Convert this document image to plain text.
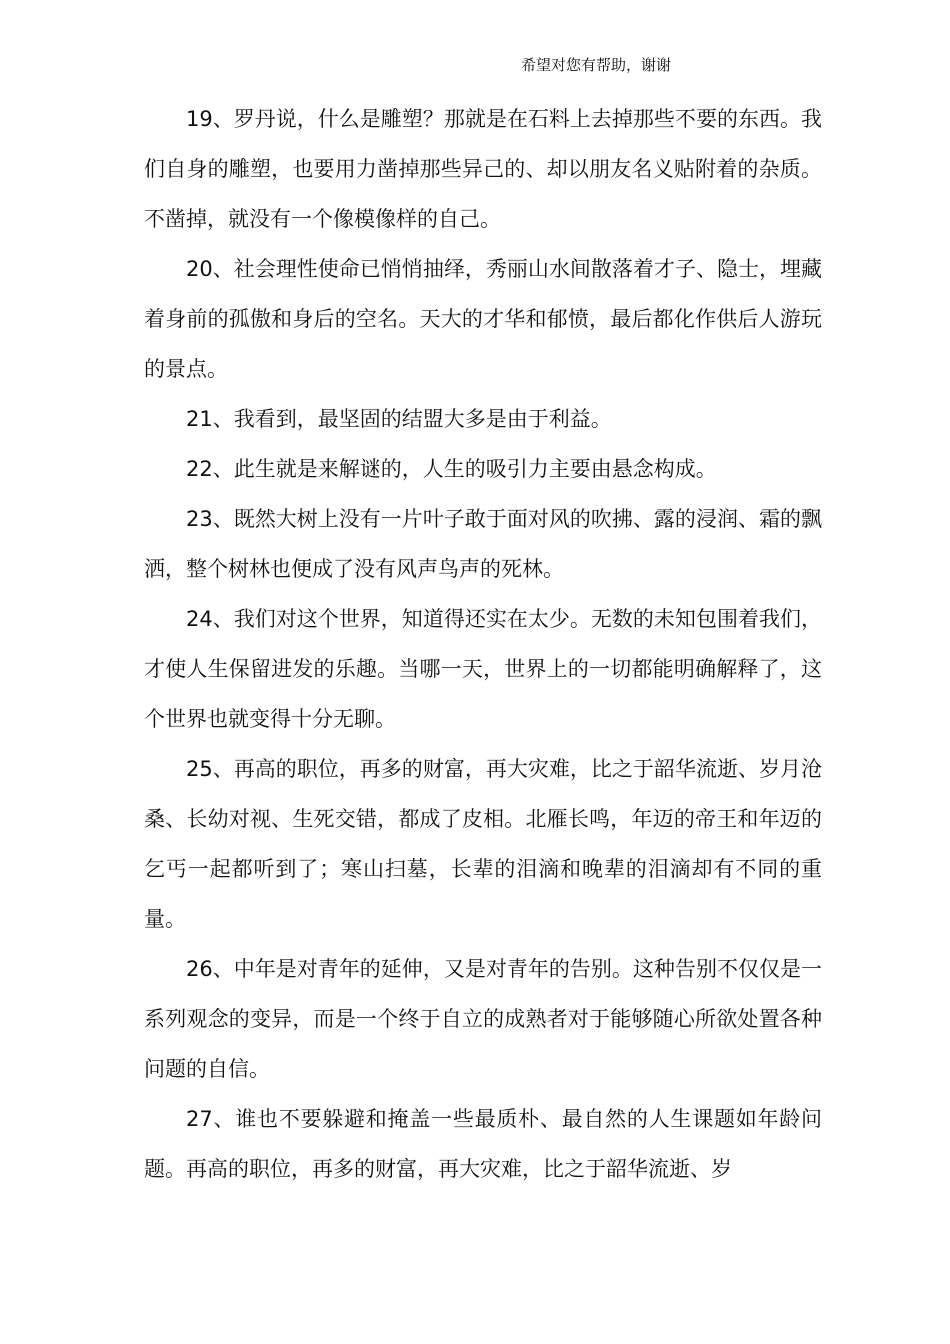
希望对您有帮助，谢谢

19、罗丹说，什么是雕塑？那就是在石料上去掉那些不要的东西。我们自身的雕塑，也要用力凿掉那些异己的、却以朋友名义贴附着的杂质。不凿掉，就没有一个像模像样的自己。

20、社会理性使命已悄悄抽绎，秀丽山水间散落着才子、隐士，埋藏着身前的孤傲和身后的空名。天大的才华和郁愤，最后都化作供后人游玩的景点。

21、我看到，最坚固的结盟大多是由于利益。

22、此生就是来解谜的，人生的吸引力主要由悬念构成。

23、既然大树上没有一片叶子敢于面对风的吹拂、露的浸润、霜的飘洒，整个树林也便成了没有风声鸟声的死林。

24、我们对这个世界，知道得还实在太少。无数的未知包围着我们，才使人生保留进发的乐趣。当哪一天，世界上的一切都能明确解释了，这个世界也就变得十分无聊。

25、再高的职位，再多的财富，再大灾难，比之于韶华流逝、岁月沧桑、长幼对视、生死交错，都成了皮相。北雁长鸣，年迈的帝王和年迈的乞丐一起都听到了；寒山扫墓，长辈的泪滴和晚辈的泪滴却有不同的重量。

26、中年是对青年的延伸，又是对青年的告别。这种告别不仅仅是一系列观念的变异，而是一个终于自立的成熟者对于能够随心所欲处置各种问题的自信。

27、谁也不要躲避和掩盖一些最质朴、最自然的人生课题如年龄问题。再高的职位，再多的财富，再大灾难，比之于韶华流逝、岁
